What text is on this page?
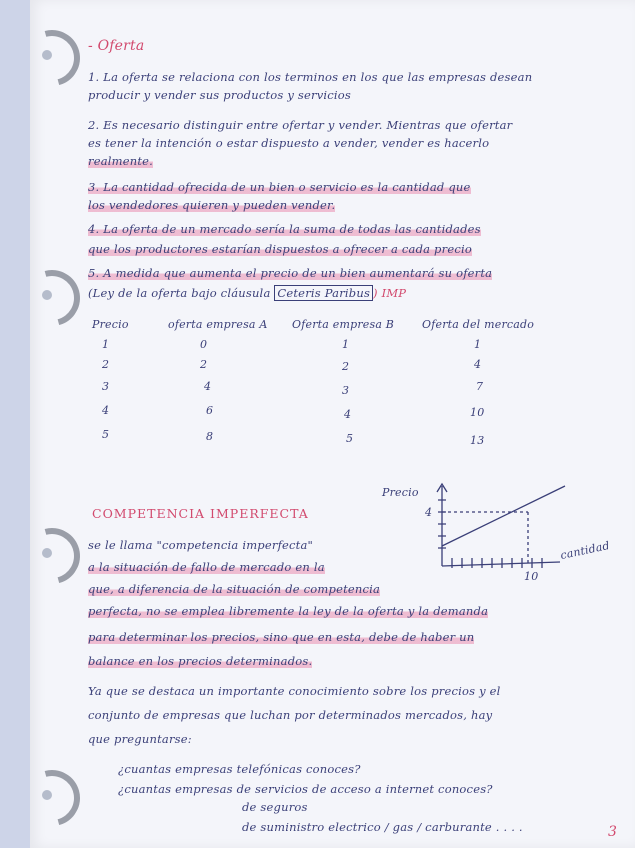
- Oferta
1. La oferta se relaciona con los terminos en los que las empresas desean
producir y vender sus productos y servicios
2. Es necesario distinguir entre ofertar y vender. Mientras que ofertar
es tener la intención o estar dispuesto a vender, vender es hacerlo
realmente.
3. La cantidad ofrecida de un bien o servicio es la cantidad que
los vendedores quieren y pueden vender.
4. La oferta de un mercado sería la suma de todas las cantidades
que los productores estarían dispuestos a ofrecer a cada precio
5. A medida que aumenta el precio de un bien aumentará su oferta
(Ley de la oferta bajo cláusula Ceteris Paribus ) IMP
Precio	oferta empresa A Oferta empresa B	Oferta del mercado
1	0	1	1
2	2	2	4
3	4	3	7
4	6	4	10
5	8	5	13
Precio
4
cantidad
10
COMPETENCIA IMPERFECTA
se le llama "competencia imperfecta"
a la situación de fallo de mercado en la
que, a diferencia de la situación de competencia
perfecta, no se emplea libremente la ley de la oferta y la demanda
para determinar los precios, sino que en esta, debe de haber un
balance en los precios determinados.
Ya que se destaca un importante conocimiento sobre los precios y el
conjunto de empresas que luchan por determinados mercados, hay
que preguntarse:
¿cuantas empresas telefónicas conoces?
¿cuantas empresas de servicios de acceso a internet conoces?
de seguros
de suministro electrico / gas / carburante . . . .	3
